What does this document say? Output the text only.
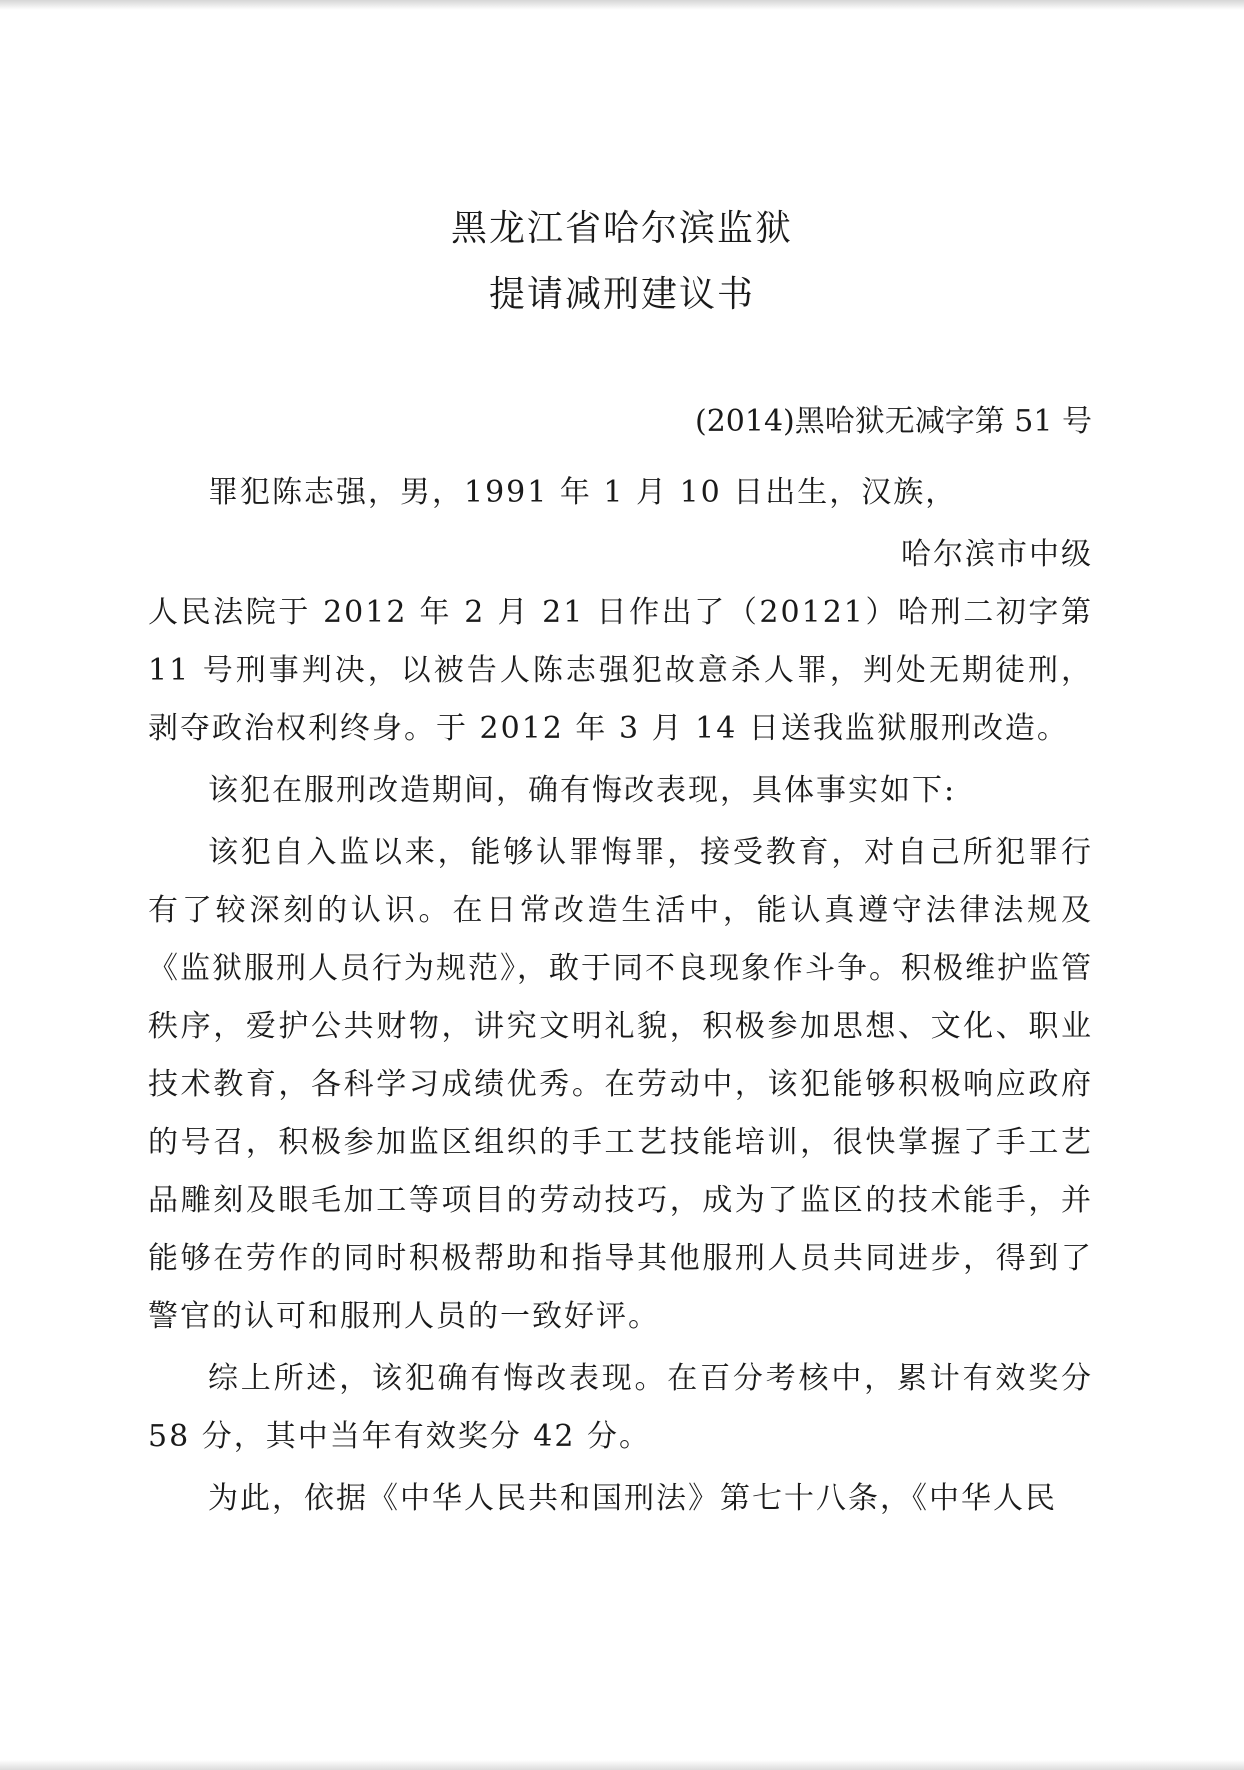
黑龙江省哈尔滨监狱
提请减刑建议书
(2014)黑哈狱无减字第 51 号

罪犯陈志强，男，1991 年 1 月 10 日出生，汉族，

哈尔滨市中级

人民法院于 2012 年 2 月 21 日作出了（20121）哈刑二初字第 11 号刑事判决，以被告人陈志强犯故意杀人罪，判处无期徒刑，剥夺政治权利终身。于 2012 年 3 月 14 日送我监狱服刑改造。

该犯在服刑改造期间，确有悔改表现，具体事实如下:

该犯自入监以来，能够认罪悔罪，接受教育，对自己所犯罪行有了较深刻的认识。在日常改造生活中，能认真遵守法律法规及《监狱服刑人员行为规范》，敢于同不良现象作斗争。积极维护监管秩序，爱护公共财物，讲究文明礼貌，积极参加思想、文化、职业技术教育，各科学习成绩优秀。在劳动中，该犯能够积极响应政府的号召，积极参加监区组织的手工艺技能培训，很快掌握了手工艺品雕刻及眼毛加工等项目的劳动技巧，成为了监区的技术能手，并能够在劳作的同时积极帮助和指导其他服刑人员共同进步，得到了警官的认可和服刑人员的一致好评。

综上所述，该犯确有悔改表现。在百分考核中，累计有效奖分 58 分，其中当年有效奖分 42 分。

为此，依据《中华人民共和国刑法》第七十八条，《中华人民
